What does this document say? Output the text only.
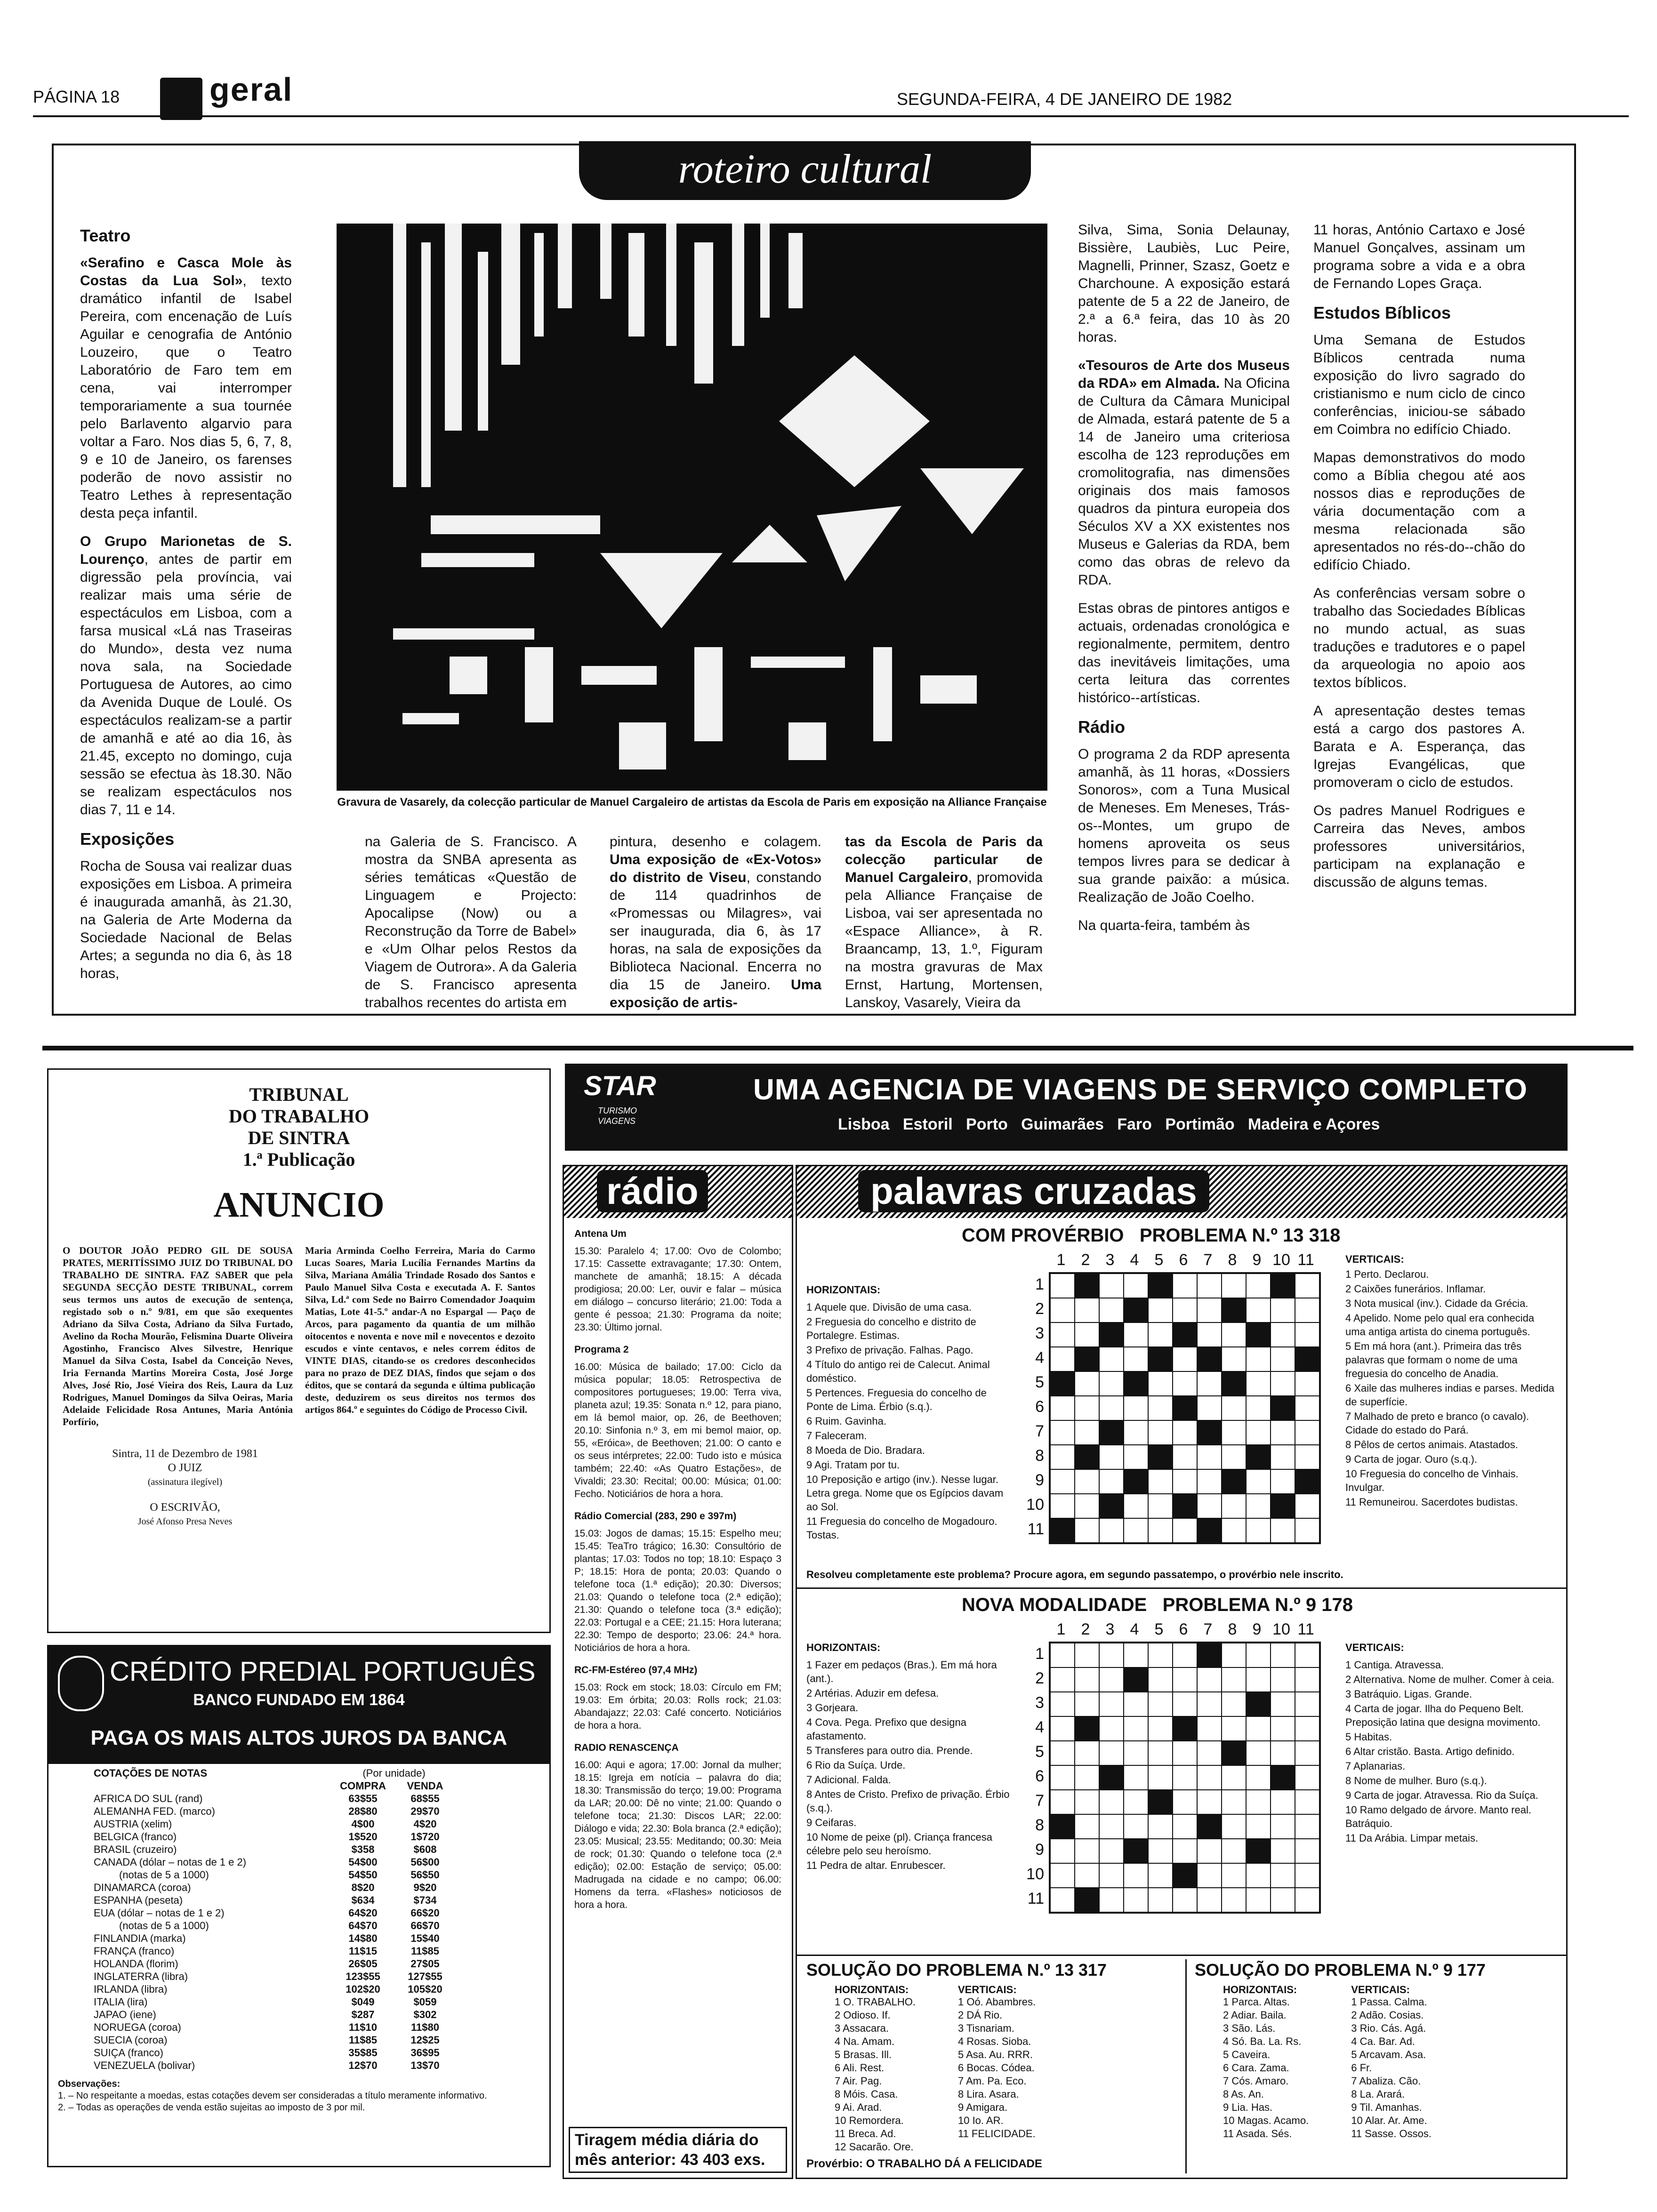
PÁGINA 18	geral	SEGUNDA-FEIRA, 4 DE JANEIRO DE 1982
roteiro cultural
Teatro

«Serafino e Casca Mole às Costas da Lua Sol», texto dramático infantil de Isabel Pereira, com encenação de Luís Aguilar e cenografia de António Louzeiro, que o Teatro Laboratório de Faro tem em cena, vai interromper temporariamente a sua tournée pelo Barlavento algarvio para voltar a Faro. Nos dias 5, 6, 7, 8, 9 e 10 de Janeiro, os farenses poderão de novo assistir no Teatro Lethes à representação desta peça infantil.

O Grupo Marionetas de S. Lourenço, antes de partir em digressão pela província, vai realizar mais uma série de espectáculos em Lisboa, com a farsa musical «Lá nas Traseiras do Mundo», desta vez numa nova sala, na Sociedade Portuguesa de Autores, ao cimo da Avenida Duque de Loulé. Os espectáculos realizam-se a partir de amanhã e até ao dia 16, às 21.45, excepto no domingo, cuja sessão se efectua às 18.30. Não se realizam espectáculos nos dias 7, 11 e 14.

Exposições

Rocha de Sousa vai realizar duas exposições em Lisboa. A primeira é inaugurada amanhã, às 21.30, na Galeria de Arte Moderna da Sociedade Nacional de Belas Artes; a segunda no dia 6, às 18 horas,

Gravura de Vasarely, da colecção particular de Manuel Cargaleiro de artistas da Escola de Paris em exposição na Alliance Française

na Galeria de S. Francisco. A mostra da SNBA apresenta as séries temáticas «Questão de Linguagem e Projecto: Apocalipse (Now) ou a Reconstrução da Torre de Babel» e «Um Olhar pelos Restos da Viagem de Outrora». A da Galeria de S. Francisco apresenta trabalhos recentes do artista em

pintura, desenho e colagem. Uma exposição de «Ex-Votos» do distrito de Viseu, constando de 114 quadrinhos de «Promessas ou Milagres», vai ser inaugurada, dia 6, às 17 horas, na sala de exposições da Biblioteca Nacional. Encerra no dia 15 de Janeiro. Uma exposição de artis-

tas da Escola de Paris da colecção particular de Manuel Cargaleiro, promovida pela Alliance Française de Lisboa, vai ser apresentada no «Espace Alliance», à R. Braancamp, 13, 1.º, Figuram na mostra gravuras de Max Ernst, Hartung, Mortensen, Lanskoy, Vasarely, Vieira da

Silva, Sima, Sonia Delaunay, Bissière, Laubiès, Luc Peire, Magnelli, Prinner, Szasz, Goetz e Charchoune. A exposição estará patente de 5 a 22 de Janeiro, de 2.ª a 6.ª feira, das 10 às 20 horas.

«Tesouros de Arte dos Museus da RDA» em Almada. Na Oficina de Cultura da Câmara Municipal de Almada, estará patente de 5 a 14 de Janeiro uma criteriosa escolha de 123 reproduções em cromolitografia, nas dimensões originais dos mais famosos quadros da pintura europeia dos Séculos XV a XX existentes nos Museus e Galerias da RDA, bem como das obras de relevo da RDA.

Estas obras de pintores antigos e actuais, ordenadas cronológica e regionalmente, permitem, dentro das inevitáveis limitações, uma certa leitura das correntes histórico--artísticas.

Rádio

O programa 2 da RDP apresenta amanhã, às 11 horas, «Dossiers Sonoros», com a Tuna Musical de Meneses. Em Meneses, Trás-os--Montes, um grupo de homens aproveita os seus tempos livres para se dedicar à sua grande paixão: a música. Realização de João Coelho.

Na quarta-feira, também às

11 horas, António Cartaxo e José Manuel Gonçalves, assinam um programa sobre a vida e a obra de Fernando Lopes Graça.

Estudos Bíblicos

Uma Semana de Estudos Bíblicos centrada numa exposição do livro sagrado do cristianismo e num ciclo de cinco conferências, iniciou-se sábado em Coimbra no edifício Chiado.

Mapas demonstrativos do modo como a Bíblia chegou até aos nossos dias e reproduções de vária documentação com a mesma relacionada são apresentados no rés-do--chão do edifício Chiado.

As conferências versam sobre o trabalho das Sociedades Bíblicas no mundo actual, as suas traduções e tradutores e o papel da arqueologia no apoio aos textos bíblicos.

A apresentação destes temas está a cargo dos pastores A. Barata e A. Esperança, das Igrejas Evangélicas, que promoveram o ciclo de estudos.

Os padres Manuel Rodrigues e Carreira das Neves, ambos professores universitários, participam na explanação e discussão de alguns temas.

TRIBUNAL
DO TRABALHO
DE SINTRA
1.ª Publicação
ANUNCIO

O DOUTOR JOÃO PEDRO GIL DE SOUSA PRATES, MERITÍSSIMO JUIZ DO TRIBUNAL DO TRABALHO DE SINTRA. FAZ SABER que pela SEGUNDA SECÇÃO DESTE TRIBUNAL, correm seus termos uns autos de execução de sentença, registado sob o n.º 9/81, em que são exequentes Adriano da Silva Costa, Adriano da Silva Furtado, Avelino da Rocha Mourão, Felismina Duarte Oliveira Agostinho, Francisco Alves Silvestre, Henrique Manuel da Silva Costa, Isabel da Conceição Neves, Iria Fernanda Martins Moreira Costa, José Jorge Alves, José Rio, José Vieira dos Reis, Laura da Luz Rodrigues, Manuel Domingos da Silva Oeiras, Maria Adelaide Felicidade Rosa Antunes, Maria Antónia Porfírio,

Maria Arminda Coelho Ferreira, Maria do Carmo Lucas Soares, Maria Lucília Fernandes Martins da Silva, Mariana Amália Trindade Rosado dos Santos e Paulo Manuel Silva Costa e executada A. F. Santos Silva, Ld.ª com Sede no Bairro Comendador Joaquim Matias, Lote 41-5.º andar-A no Espargal — Paço de Arcos, para pagamento da quantia de um milhão oitocentos e noventa e nove mil e novecentos e dezoito escudos e vinte centavos, e neles correm éditos de VINTE DIAS, citando-se os credores desconhecidos para no prazo de DEZ DIAS, findos que sejam o dos éditos, que se contará da segunda e última publicação deste, deduzirem os seus direitos nos termos dos artigos 864.º e seguintes do Código de Processo Civil.

Sintra, 11 de Dezembro de 1981
O JUIZ
(assinatura ilegível)
O ESCRIVÃO,
José Afonso Presa Neves
CRÉDITO PREDIAL PORTUGUÊS
BANCO FUNDADO EM 1864
PAGA OS MAIS ALTOS JUROS DA BANCA
COTAÇÕES DE NOTAS	(Por unidade)	
	COMPRA	VENDA
AFRICA DO SUL (rand)	63$55	68$55
ALEMANHA FED. (marco)	28$80	29$70
AUSTRIA (xelim)	4$00	4$20
BELGICA (franco)	1$520	1$720
BRASIL (cruzeiro)	$358	$608
CANADA (dólar – notas de 1 e 2)	54$00	56$00
(notas de 5 a 1000)	54$50	56$50
DINAMARCA (coroa)	8$20	9$20
ESPANHA (peseta)	$634	$734
EUA (dólar – notas de 1 e 2)	64$20	66$20
(notas de 5 a 1000)	64$70	66$70
FINLANDIA (marka)	14$80	15$40
FRANÇA (franco)	11$15	11$85
HOLANDA (florim)	26$05	27$05
INGLATERRA (libra)	123$55	127$55
IRLANDA (libra)	102$20	105$20
ITALIA (lira)	$049	$059
JAPAO (iene)	$287	$302
NORUEGA (coroa)	11$10	11$80
SUECIA (coroa)	11$85	12$25
SUIÇA (franco)	35$85	36$95
VENEZUELA (bolivar)	12$70	13$70
Observações:
1. – No respeitante a moedas, estas cotações devem ser consideradas a título meramente informativo.
2. – Todas as operações de venda estão sujeitas ao imposto de 3 por mil.
STAR
TURISMO
VIAGENS
UMA AGENCIA DE VIAGENS DE SERVIÇO COMPLETO
Lisboa   Estoril   Porto   Guimarães   Faro   Portimão   Madeira e Açores
rádio
Antena Um

15.30: Paralelo 4; 17.00: Ovo de Colombo; 17.15: Cassette extravagante; 17.30: Ontem, manchete de amanhã; 18.15: A década prodigiosa; 20.00: Ler, ouvir e falar – música em diálogo – concurso literário; 21.00: Toda a gente é pessoa; 21.30: Programa da noite; 23.30: Último jornal.

Programa 2

16.00: Música de bailado; 17.00: Ciclo da música popular; 18.05: Retrospectiva de compositores portugueses; 19.00: Terra viva, planeta azul; 19.35: Sonata n.º 12, para piano, em lá bemol maior, op. 26, de Beethoven; 20.10: Sinfonia n.º 3, em mi bemol maior, op. 55, «Eróica», de Beethoven; 21.00: O canto e os seus intérpretes; 22.00: Tudo isto e música também; 22.40: «As Quatro Estações», de Vivaldi; 23.30: Recital; 00.00: Música; 01.00: Fecho. Noticiários de hora a hora.

Rádio Comercial (283, 290 e 397m)

15.03: Jogos de damas; 15.15: Espelho meu; 15.45: TeaTro trágico; 16.30: Consultório de plantas; 17.03: Todos no top; 18.10: Espaço 3 P; 18.15: Hora de ponta; 20.03: Quando o telefone toca (1.ª edição); 20.30: Diversos; 21.03: Quando o telefone toca (2.ª edição); 21.30: Quando o telefone toca (3.ª edição); 22.03: Portugal e a CEE; 21.15: Hora luterana; 22.30: Tempo de desporto; 23.06: 24.ª hora. Noticiários de hora a hora.

RC-FM-Estéreo (97,4 MHz)

15.03: Rock em stock; 18.03: Círculo em FM; 19.03: Em órbita; 20.03: Rolls rock; 21.03: Abandajazz; 22.03: Café concerto. Noticiários de hora a hora.

RADIO RENASCENÇA

16.00: Aqui e agora; 17.00: Jornal da mulher; 18.15: Igreja em notícia – palavra do dia; 18.30: Transmissão do terço; 19.00: Programa da LAR; 20.00: Dê no vinte; 21.00: Quando o telefone toca; 21.30: Discos LAR; 22.00: Diálogo e vida; 22.30: Bola branca (2.ª edição); 23.05: Musical; 23.55: Meditando; 00.30: Meia de rock; 01.30: Quando o telefone toca (2.ª edição); 02.00: Estação de serviço; 05.00: Madrugada na cidade e no campo; 06.00: Homens da terra. «Flashes» noticiosos de hora a hora.

Tiragem média diária do mês anterior: 43 403 exs.
palavras cruzadas
COM PROVÉRBIO   PROBLEMA N.º 13 318
1 2 3 4 5 6 7 8 9 10 11
1
2
3
4
5
6
7
8
9
10
11
HORIZONTAIS:
1 Aquele que. Divisão de uma casa.
2 Freguesia do concelho e distrito de Portalegre. Estimas.
3 Prefixo de privação. Falhas. Pago.
4 Título do antigo rei de Calecut. Animal doméstico.
5 Pertences. Freguesia do concelho de Ponte de Lima. Érbio (s.q.).
6 Ruim. Gavinha.
7 Faleceram.
8 Moeda de Dio. Bradara.
9 Agi. Tratam por tu.
10 Preposição e artigo (inv.). Nesse lugar. Letra grega. Nome que os Egípcios davam ao Sol.
11 Freguesia do concelho de Mogadouro. Tostas.
VERTICAIS:
1 Perto. Declarou.
2 Caixões funerários. Inflamar.
3 Nota musical (inv.). Cidade da Grécia.
4 Apelido. Nome pelo qual era conhecida uma antiga artista do cinema português.
5 Em má hora (ant.). Primeira das três palavras que formam o nome de uma freguesia do concelho de Anadia.
6 Xaile das mulheres indias e parses. Medida de superfície.
7 Malhado de preto e branco (o cavalo). Cidade do estado do Pará.
8 Pêlos de certos animais. Atastados.
9 Carta de jogar. Ouro (s.q.).
10 Freguesia do concelho de Vinhais. Invulgar.
11 Remuneirou. Sacerdotes budistas.
Resolveu completamente este problema? Procure agora, em segundo passatempo, o provérbio nele inscrito.
NOVA MODALIDADE   PROBLEMA N.º 9 178
1 2 3 4 5 6 7 8 9 10 11
1
2
3
4
5
6
7
8
9
10
11
HORIZONTAIS:
1 Fazer em pedaços (Bras.). Em má hora (ant.).
2 Artérias. Aduzir em defesa.
3 Gorjeara.
4 Cova. Pega. Prefixo que designa afastamento.
5 Transferes para outro dia. Prende.
6 Rio da Suíça. Urde.
7 Adicional. Falda.
8 Antes de Cristo. Prefixo de privação. Érbio (s.q.).
9 Ceifaras.
10 Nome de peixe (pl). Criança francesa célebre pelo seu heroísmo.
11 Pedra de altar. Enrubescer.
VERTICAIS:
1 Cantiga. Atravessa.
2 Alternativa. Nome de mulher. Comer à ceia.
3 Batráquio. Ligas. Grande.
4 Carta de jogar. Ilha do Pequeno Belt. Preposição latina que designa movimento.
5 Habitas.
6 Altar cristão. Basta. Artigo definido.
7 Aplanarias.
8 Nome de mulher. Buro (s.q.).
9 Carta de jogar. Atravessa. Rio da Suíça.
10 Ramo delgado de árvore. Manto real. Batráquio.
11 Da Arábia. Limpar metais.
SOLUÇÃO DO PROBLEMA N.º 13 317
HORIZONTAIS:
1 O. TRABALHO.
2 Odioso. If.
3 Assacara.
4 Na. Amam.
5 Brasas. Ill.
6 Ali. Rest.
7 Air. Pag.
8 Móis. Casa.
9 Ai. Arad.
10 Remordera.
11 Breca. Ad.
12 Sacarão. Ore.
VERTICAIS:
1 Oó. Abambres.
2 DÁ Rio.
3 Tisnariam.
4 Rosas. Sioba.
5 Asa. Au. RRR.
6 Bocas. Códea.
7 Am. Pa. Eco.
8 Lira. Asara.
9 Amigara.
10 Io. AR.
11 FELICIDADE.
Provérbio: O TRABALHO DÁ A FELICIDADE
SOLUÇÃO DO PROBLEMA N.º 9 177
HORIZONTAIS:
1 Parca. Altas.
2 Adiar. Baila.
3 São. Lás.
4 Só. Ba. La. Rs.
5 Caveira.
6 Cara. Zama.
7 Cós. Amaro.
8 As. An.
9 Lia. Has.
10 Magas. Acamo.
11 Asada. Sés.
VERTICAIS:
1 Passa. Calma.
2 Adão. Cosias.
3 Rio. Cás. Agá.
4 Ca. Bar. Ad.
5 Arcavam. Asa.
6 Fr.
7 Abaliza. Cão.
8 La. Arará.
9 Til. Amanhas.
10 Alar. Ar. Ame.
11 Sasse. Ossos.
